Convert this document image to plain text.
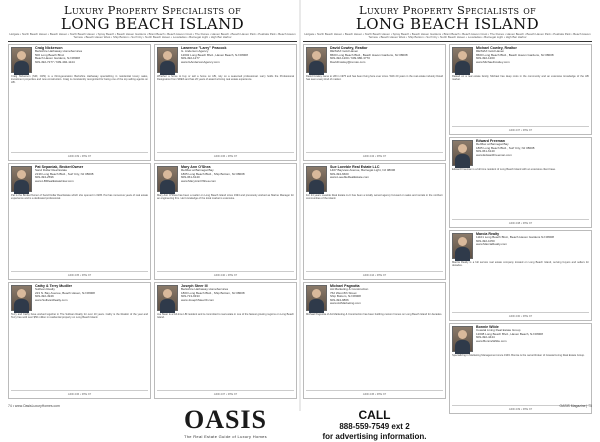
Luxury Property Specialists of
LONG BEACH ISLAND
Holgate • North Beach Haven • Beach Haven • North Beach Haven • Spray Beach • Beach Haven Gardens • Brant Beach • Beach Haven Crest • The Dunes • Haven Beach • Beach Haven Park • Peahala Park • Beach Haven Terrace • Beach Haven West • Ship Bottom • Surf City • North Beach Haven • Loveladies • Barnegat Light • High Bar Harbor
Craig Nickerson
Berkshire Hathaway HomeServices
500 Long Beach Blvd.
Beach Haven Gardens, NJ 08008
609-492-7277 / 609-492-1144
Craig Nickerson (SRI, CRS) is a third-generation Berkshire Hathaway specializing in residential luxury sales, investment properties and new construction. Craig is consistently recognized for being one of the top selling agents on LBI.
ADD 239 • RTE 97
Pat Sepaniak, Broker/Owner
Sand Dollar Real Estate
2139 Long Beach Blvd., Surf City, NJ 08008
609-494-2596
www.LBIRealEstateNow.com
Pat is the Broker/Owner of Sand Dollar Real Estate which she opened in 1995. Pat has numerous years of real estate experience and is a dedicated professional.
ADD 235 • RTE 97
Cathy & Terry Mudller
Sullivan Realty
223 N. Bay Avenue, Beach Haven, NJ 08008
609-492-4949
www.SullivanRealty.com
Terry and Cathy have worked together in The Sullivan Realty for over 10 years. Cathy is the Realtor of the year and Terry has sold over $50 million in residential property on Long Beach Island.
ADD 236 • RTE 97
Lawrence "Larry" Peacock
G. Anderson Agency
12002 Long Beach Blvd., Haven Beach, NJ 08008
609-492-1277
www.GAndersonAgency.com
Whether a home to buy or sell a home on LBI, rely on a seasoned professional. Larry holds the Professional Designation from SRES and has 20 years of award winning real estate experience.
ADD 236 • RTE 97
Mary Ann O'Shea
Re/Max at Barnegat Bay
1805 Long Beach Blvd., Ship Bottom, NJ 08008
609-361-6140
www.MaryAnnOShea.com
Mary Ann O'Shea has been a realtor on Long Beach Island since 1994 and previously worked as Marine Manager for an engineering firm. Her knowledge of the local market is extensive.
ADD 240 • RTE 97
Joseph Steer III
Berkshire Hathaway HomeServices
1800 Long Beach Blvd., Ship Bottom, NJ 08008
609-713-9333
www.JosephSteerIII.com
Joe Steer is a full-time LBI resident and is committed to real estate in one of the fastest growing regions on Long Beach Island.
ADD 237 • RTE 97
OASIS
The Real Estate Guide of Luxury Homes
74 • www.OasisLuxuryHomes.com
Luxury Property Specialists of
LONG BEACH ISLAND
Holgate • North Beach Haven • Beach Haven • North Beach Haven • Spray Beach • Beach Haven Gardens • Brant Beach • Beach Haven Crest • The Dunes • Haven Beach • Beach Haven Park • Peahala Park • Beach Haven Terrace • Beach Haven West • Ship Bottom • Surf City • North Beach Haven • Loveladies • Barnegat Light • High Bar Harbor
David Cowley, Realtor
RE/MAX Gold Haven
8600 Long Beach Blvd., Beach Haven Gardens, NJ 08008
609-492-1200 / 609-980-3770
DavidCowley@remax.com
David Cowley came to LBI in 1975 and has been living here ever since. With 20 years in the real estate industry David has seen every kind of market.
ADD 243 • RTE 97
Sue Loeeble Real Estate LLC
1407 Bayview Avenue, Barnegat Light, NJ 08006
609-494-6600
www.LoeebleRealEstate.com
For 24 years Loeeble Real Estate LLC has been a locally owned agency focused on sales and rentals in the northern communities of the island.
ADD 244 • RTE 97
Michael Pagnotta
AA Marketing & Construction
762 West 8th Street
Ship Bottom, NJ 08008
609-494-9866
www.AAMarketing.com
Michael Pagnotta of AA Marketing & Construction has been building custom homes on Long Beach Island for decades.
ADD 245 • RTE 97
CALL
888-559-7549 ext 2
for advertising information.
Michael Cowley, Realtor
RE/MAX Gold Haven
8600 Long Beach Blvd., Beach Haven Gardens, NJ 08008
609-492-1200
www.MichaelCowley.com
Raised on a real estate family, Michael has deep roots in the community and an extensive knowledge of the LBI market.
ADD 237 • RTE 97
Edward Freeman
Re/Max at Barnegat Bay
1805 Long Beach Blvd., Surf City, NJ 08008
609-361-6140
www.EdwardFreeman.com
Edward Freeman is a full time resident of Long Beach Island with an extensive client base.
ADD 238 • RTE 97
Marcia Realty
11101 Long Beach Blvd., Beach Haven Gardens NJ 08008
609-492-1050
www.MarciaRealty.com
Marcia Realty is a full service real estate company located on Long Beach Island, serving buyers and sellers for decades.
ADD 230 • RTE 97
Bonnie Wilde
Coastal Living Real Estate Group
12008 Long Beach Blvd., Haven Beach, NJ 08008
609-492-4444
www.BonnieWilde.com
Specializing in Marketing Management since 1993. Bonnie is the owner/broker of Coastal Living Real Estate Group.
ADD 239 • RTE 97
OASIS Magazine | 75
